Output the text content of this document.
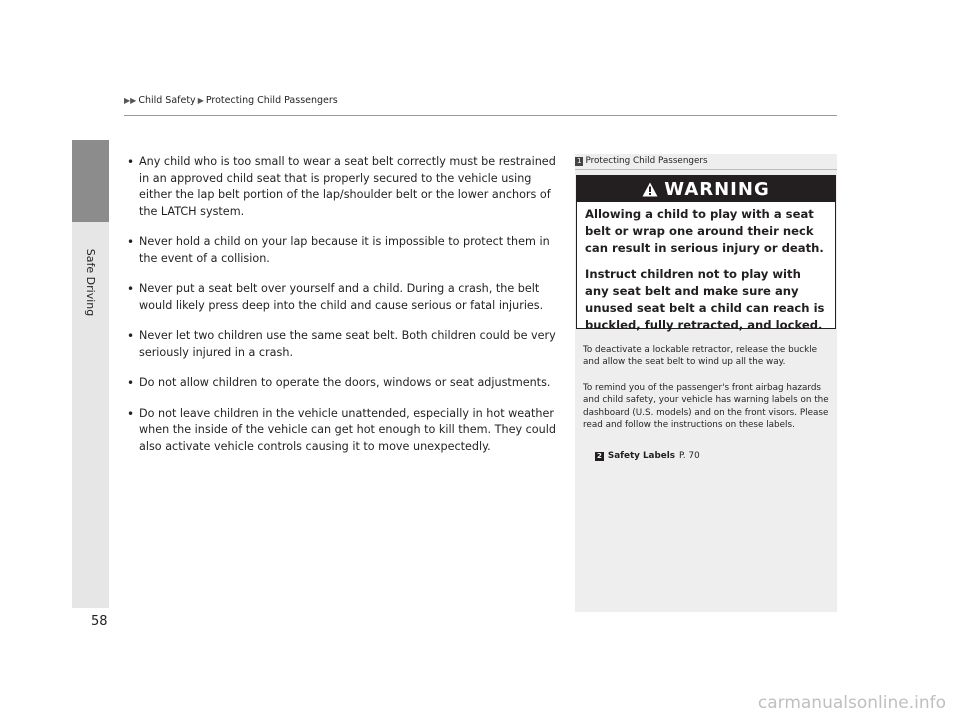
Safe Driving
▶▶ Child Safety ▶ Protecting Child Passengers
• Any child who is too small to wear a seat belt correctly must be restrained in an approved child seat that is properly secured to the vehicle using either the lap belt portion of the lap/shoulder belt or the lower anchors of the LATCH system.
• Never hold a child on your lap because it is impossible to protect them in the event of a collision.
• Never put a seat belt over yourself and a child. During a crash, the belt would likely press deep into the child and cause serious or fatal injuries.
• Never let two children use the same seat belt. Both children could be very seriously injured in a crash.
• Do not allow children to operate the doors, windows or seat adjustments.
• Do not leave children in the vehicle unattended, especially in hot weather when the inside of the vehicle can get hot enough to kill them. They could also activate vehicle controls causing it to move unexpectedly.
1 Protecting Child Passengers
WARNING

Allowing a child to play with a seat belt or wrap one around their neck can result in serious injury or death.

Instruct children not to play with any seat belt and make sure any unused seat belt a child can reach is buckled, fully retracted, and locked.

To deactivate a lockable retractor, release the buckle and allow the seat belt to wind up all the way.
To remind you of the passenger's front airbag hazards and child safety, your vehicle has warning labels on the dashboard (U.S. models) and on the front visors. Please read and follow the instructions on these labels.
2 Safety Labels P. 70
58
carmanualsonline.info
